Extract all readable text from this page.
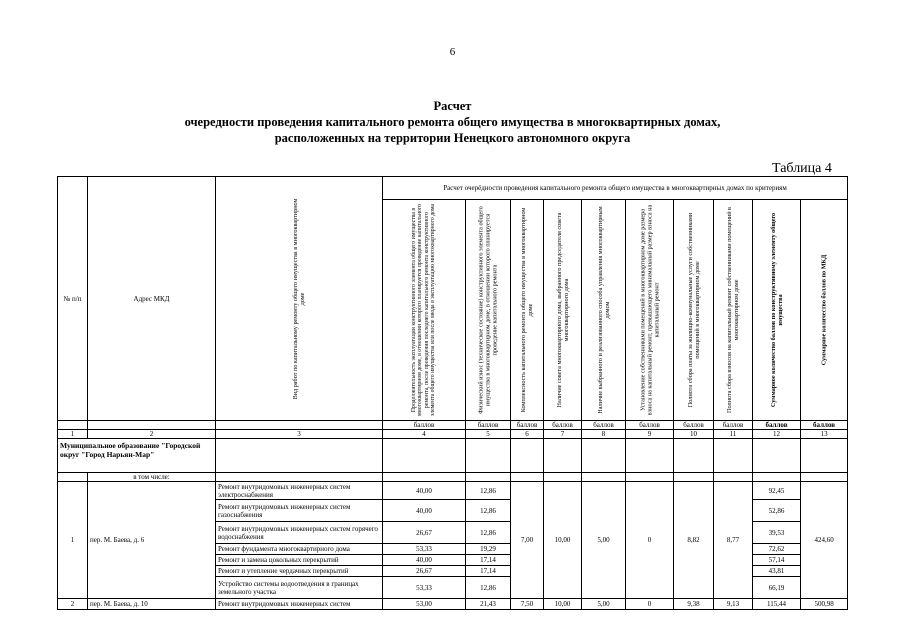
6
Расчет
очередности проведения капитального ремонта общего имущества в многоквартирных домах,
расположенных на территории Ненецкого автономного округа
Таблица 4
№ п/п	Адрес МКД	Вид работ по капитальному ремонту общего имущества в многоквартирном доме	Расчет очерёдности проведения капитального ремонта общего имущества в многоквартирных домах по критериям									

			Продолжительность эксплуатации конструктивного элемента общего имущества в многоквартирном доме, в отношении которого планируется проведение капитального ремонта, после проведения последнего капитального ремонта конструктивного элемента общего имущества или после ввода в эксплуатацию многоквартирного дома	Физический износ (техническое состояние) конструктивного элемента общего имущества в многоквартирном доме, в отношении которого планируется проведение капитального ремонта	Комплексность капитального ремонта общего имущества в многоквартирном доме	Наличие совета многоквартирного дома, выбранного председателя совета многоквартирного дома	Наличие выбранного и реализованного способа управления многоквартирным домом	Установление собственниками помещений в многоквартирном доме размера взноса на капитальный ремонт, превышающего минимальный размер взноса на капитальный ремонт	Полнота сбора платы за жилищно-коммунальные услуги собственниками помещений в многоквартирном доме	Полнота сбора взносов на капитальный ремонт собственниками помещений в многоквартирном доме	Суммарное количество баллов по конструктивному элементу общего имущества	Суммарное количество баллов по МКД

			баллов	баллов	баллов	баллов	баллов	баллов	баллов	баллов	баллов	баллов
1	2	3	4	5	6	7	8	9	10	11	12	13
Муниципальное образование "Городской округ "Город Нарьян-Мар"												
	в том числе:											
1	пер. М. Баева, д. 6	Ремонт внутридомовых инженерных систем электроснабжения	40,00	12,86	7,00	10,00	5,00	0	8,82	8,77	92,45	424,60
		Ремонт внутридомовых инженерных систем газоснабжения	40,00	12,86							52,86	
		Ремонт внутридомовых инженерных систем горячего водоснабжения	26,67	12,86							39,53	
		Ремонт фундамента многоквартирного дома	53,33	19,29							72,62	
		Ремонт и замена цокольных перекрытий	40,00	17,14							57,14	
		Ремонт и утепление чердачных перекрытий	26,67	17,14							43,81	
		Устройство системы водоотведения в границах земельного участка	53,33	12,86							66,19	
2	пер. М. Баева, д. 10	Ремонт внутридомовых инженерных систем	53,00	21,43	7,50	10,00	5,00	0	9,38	9,13	115,44	500,98
